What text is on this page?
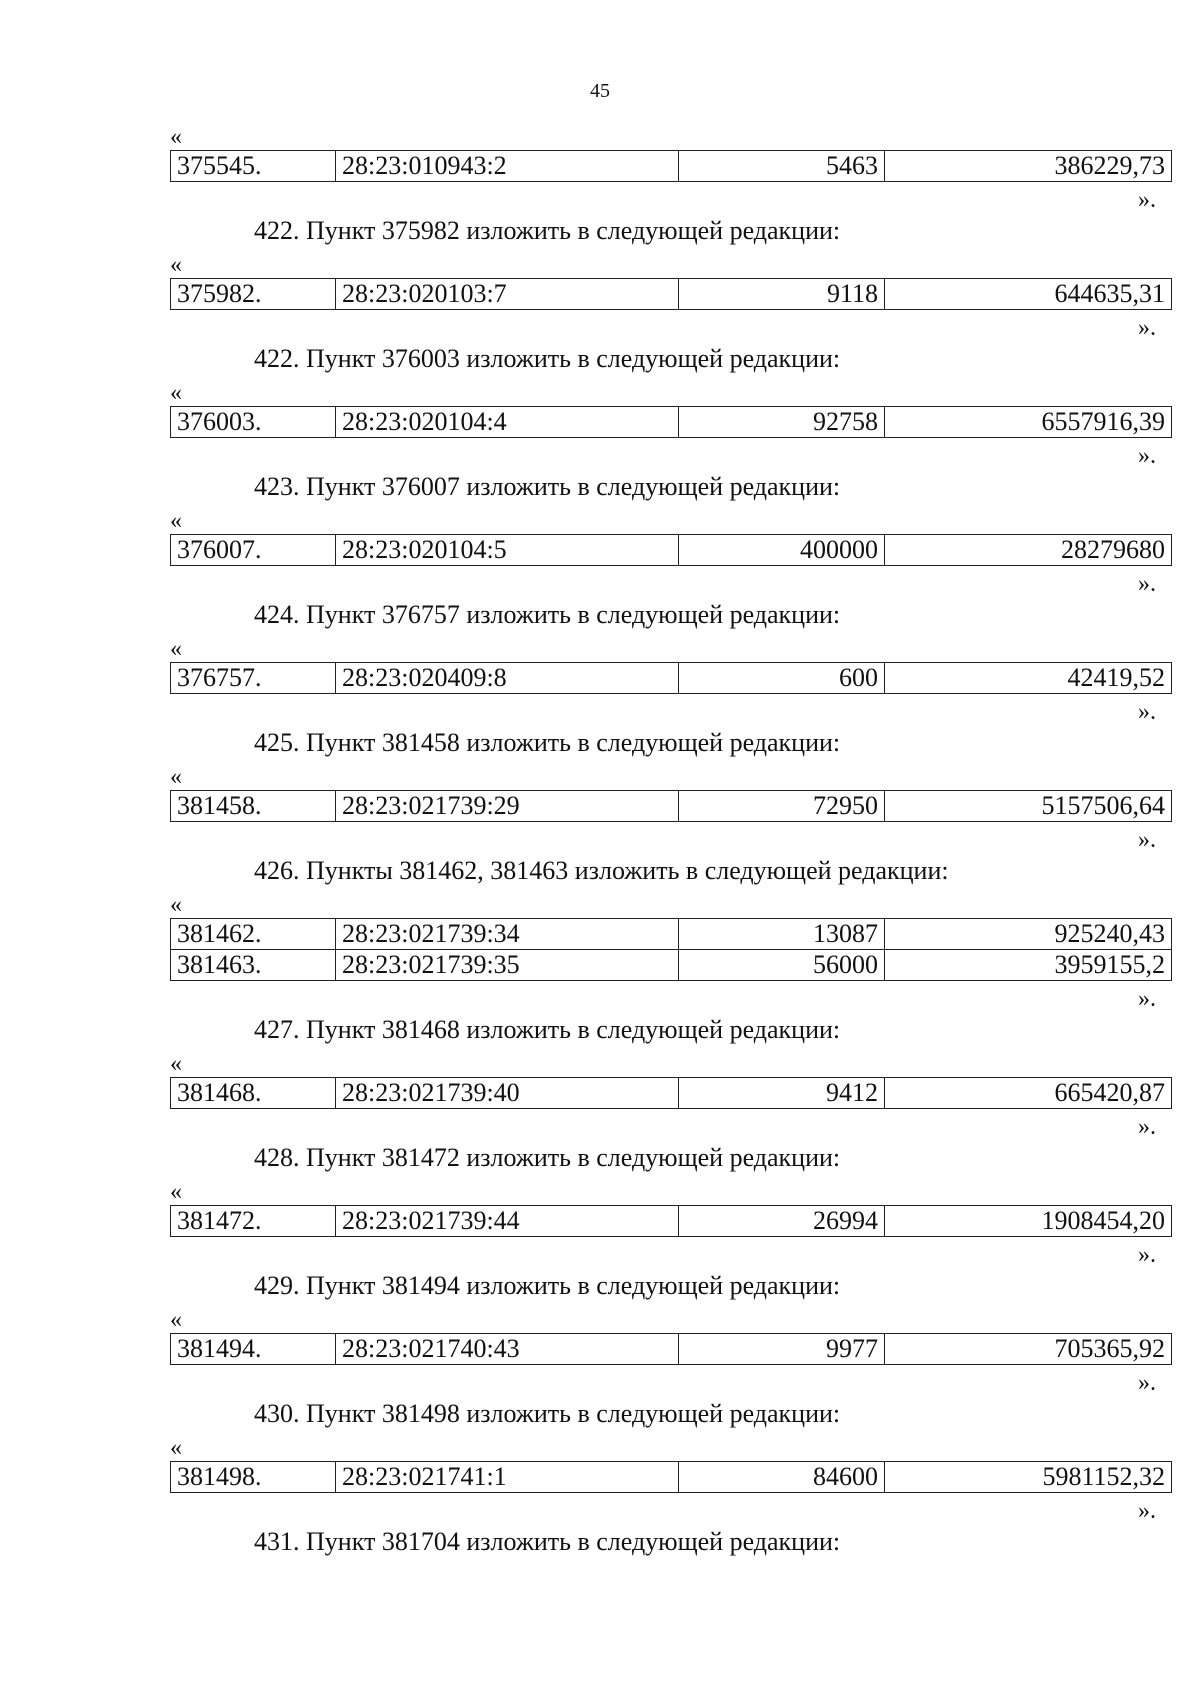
45
«
375545.	28:23:010943:2	5463	386229,73
».
422. Пункт 375982 изложить в следующей редакции:
«
375982.	28:23:020103:7	9118	644635,31
».
422. Пункт 376003 изложить в следующей редакции:
«
376003.	28:23:020104:4	92758	6557916,39
».
423. Пункт 376007 изложить в следующей редакции:
«
376007.	28:23:020104:5	400000	28279680
».
424. Пункт 376757 изложить в следующей редакции:
«
376757.	28:23:020409:8	600	42419,52
».
425. Пункт 381458 изложить в следующей редакции:
«
381458.	28:23:021739:29	72950	5157506,64
».
426. Пункты 381462, 381463 изложить в следующей редакции:
«
381462.	28:23:021739:34	13087	925240,43
381463.	28:23:021739:35	56000	3959155,2
».
427. Пункт 381468 изложить в следующей редакции:
«
381468.	28:23:021739:40	9412	665420,87
».
428. Пункт 381472 изложить в следующей редакции:
«
381472.	28:23:021739:44	26994	1908454,20
».
429. Пункт 381494 изложить в следующей редакции:
«
381494.	28:23:021740:43	9977	705365,92
».
430. Пункт 381498 изложить в следующей редакции:
«
381498.	28:23:021741:1	84600	5981152,32
».
431. Пункт 381704 изложить в следующей редакции:
